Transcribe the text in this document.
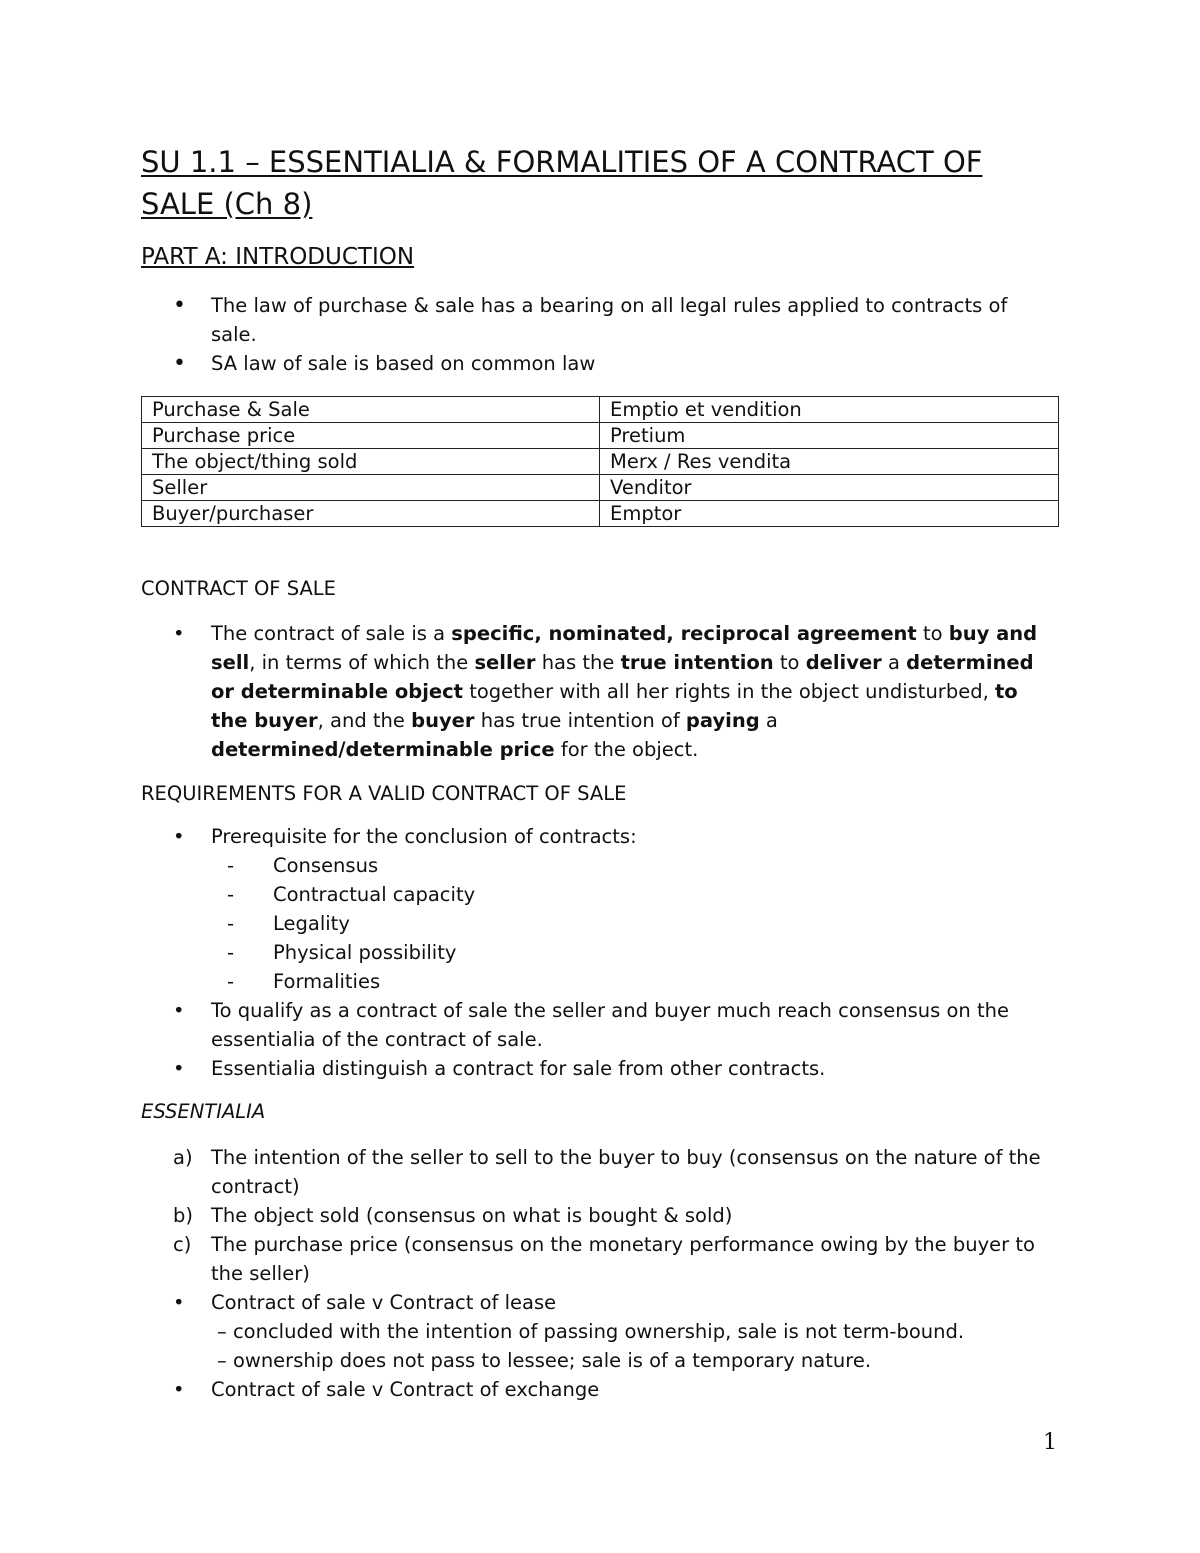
SU 1.1 – ESSENTIALIA & FORMALITIES OF A CONTRACT OF SALE (Ch 8)
PART A: INTRODUCTION
•	The law of purchase & sale has a bearing on all legal rules applied to contracts of sale.
•	SA law of sale is based on common law
Purchase & Sale	Emptio et vendition
Purchase price	Pretium
The object/thing sold	Merx / Res vendita
Seller	Venditor
Buyer/purchaser	Emptor
CONTRACT OF SALE
•	The contract of sale is a specific, nominated, reciprocal agreement to buy and sell, in terms of which the seller has the true intention to deliver a determined or determinable object together with all her rights in the object undisturbed, to the buyer, and the buyer has true intention of paying a determined/determinable price for the object.
REQUIREMENTS FOR A VALID CONTRACT OF SALE
•	Prerequisite for the conclusion of contracts:
- Consensus
- Contractual capacity
- Legality
- Physical possibility
- Formalities
•	To qualify as a contract of sale the seller and buyer much reach consensus on the essentialia of the contract of sale.
•	Essentialia distinguish a contract for sale from other contracts.
ESSENTIALIA
a) The intention of the seller to sell to the buyer to buy (consensus on the nature of the contract)
b) The object sold (consensus on what is bought & sold)
c) The purchase price (consensus on the monetary performance owing by the buyer to the seller)
•	Contract of sale v Contract of lease
– concluded with the intention of passing ownership, sale is not term-bound.
– ownership does not pass to lessee; sale is of a temporary nature.
•	Contract of sale v Contract of exchange
1
